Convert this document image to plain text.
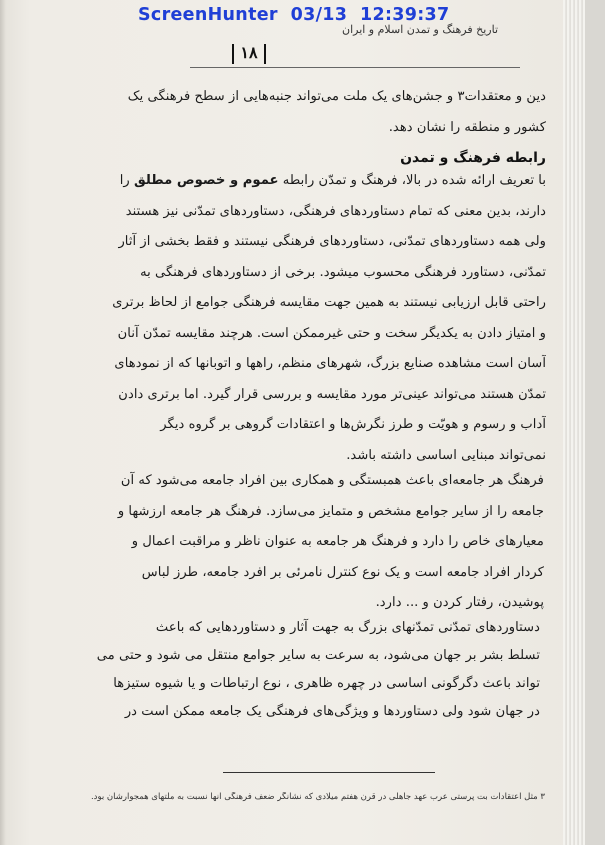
تاریخ فرهنگ و تمدن اسلام و ایران
۱۸
دین و معتقدات۳ و جشن‌های یک ملت می‌تواند جنبه‌هایی از سطح فرهنگی یک
کشور و منطقه را نشان دهد.
رابطه فرهنگ و تمدن
با تعریف ارائه شده در بالا، فرهنگ و تمدّن رابطه عموم و خصوص مطلق را
دارند، بدین معنی که تمام دستاوردهای فرهنگی، دستاوردهای تمدّنی نیز هستند
ولی همه دستاوردهای تمدّنی، دستاوردهای فرهنگی نیستند و فقط بخشی از آثار
تمدّنی، دستاورد فرهنگی محسوب میشود. برخی از دستاوردهای فرهنگی به
راحتی قابل ارزیابی نیستند به همین جهت مقایسه فرهنگی جوامع از لحاظ برتری
و امتیاز دادن به یکدیگر سخت و حتی غیرممکن است. هرچند مقایسه تمدّن آنان
آسان است مشاهده صنایع بزرگ، شهرهای منظم، راهها و اتوبانها که از نمودهای
تمدّن هستند می‌تواند عینی‌تر مورد مقایسه و بررسی قرار گیرد. اما برتری دادن
آداب و رسوم و هویّت و طرز نگرش‌ها و اعتقادات گروهی بر گروه دیگر
نمی‌تواند مبنایی اساسی داشته باشد.
فرهنگ هر جامعه‌ای باعث همبستگی و همکاری بین افراد جامعه می‌شود که آن
جامعه را از سایر جوامع مشخص و متمایز می‌سازد. فرهنگ هر جامعه ارزشها و
معیارهای خاص را دارد و فرهنگ هر جامعه به عنوان ناظر و مراقبت اعمال و
کردار افراد جامعه است و یک نوع کنترل نامرئی بر افرد جامعه، طرز لباس
پوشیدن، رفتار کردن و ... دارد.
دستاوردهای تمدّنی تمدّنهای بزرگ به جهت آثار و دستاوردهایی که باعث
تسلط بشر بر جهان می‌شود، به سرعت به سایر جوامع منتقل می شود و حتی می‌
تواند باعث دگرگونی اساسی در چهره ظاهری ، نوع ارتباطات و یا شیوه ستیزها
در جهان شود ولی دستاوردها و ویژگی‌های فرهنگی یک جامعه ممکن است در
۳ مثل اعتقادات بت پرستی عرب عهد جاهلی در قرن هفتم میلادی که نشانگر ضعف فرهنگی آنها نسبت به ملتهای همجوارشان بود.
ScreenHunter  03/13  12:39:37
